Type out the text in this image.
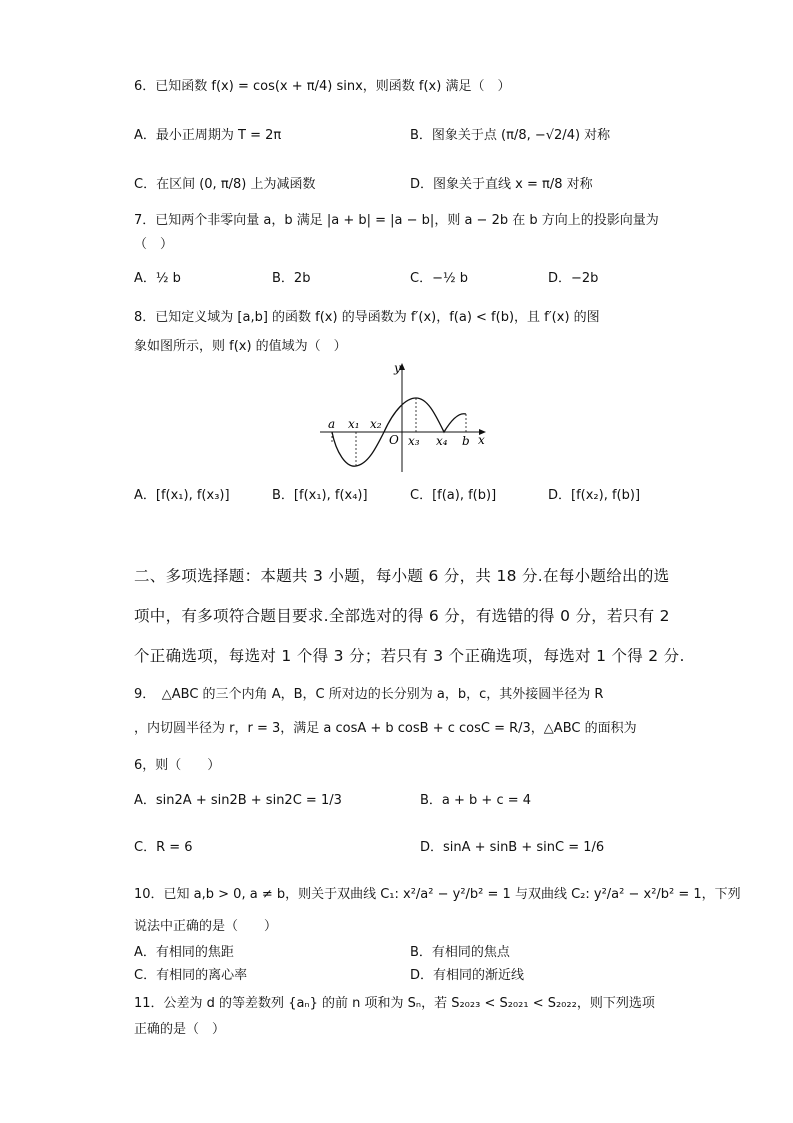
6．已知函数 f(x) = cos(x + π/4) sinx，则函数 f(x) 满足（　）
A．最小正周期为 T = 2π	B．图象关于点 (π/8, −√2/4) 对称
C．在区间 (0, π/8) 上为减函数	D．图象关于直线 x = π/8 对称
7．已知两个非零向量 a，b 满足 |a + b| = |a − b|，则 a − 2b 在 b 方向上的投影向量为
（　）
A．½ b	B．2b	C．−½ b	D．−2b
8．已知定义域为 [a,b] 的函数 f(x) 的导函数为 f′(x)，f(a) < f(b)，且 f′(x) 的图
象如图所示，则 f(x) 的值域为（　）
y
x
a x₁ x₂
O x₃ x₄ b
A．[f(x₁), f(x₃)]	B．[f(x₁), f(x₄)]	C．[f(a), f(b)]	D．[f(x₂), f(b)]
二、多项选择题：本题共 3 小题，每小题 6 分，共 18 分.在每小题给出的选
项中，有多项符合题目要求.全部选对的得 6 分，有选错的得 0 分，若只有 2
个正确选项，每选对 1 个得 3 分；若只有 3 个正确选项，每选对 1 个得 2 分.
9．　△ABC 的三个内角 A，B，C 所对边的长分别为 a，b，c，其外接圆半径为 R
，内切圆半径为 r，r = 3，满足 a cosA + b cosB + c cosC = R/3，△ABC 的面积为
6，则（　　）
A．sin2A + sin2B + sin2C = 1/3	B．a + b + c = 4
C．R = 6	D．sinA + sinB + sinC = 1/6
10．已知 a,b > 0, a ≠ b，则关于双曲线 C₁: x²/a² − y²/b² = 1 与双曲线 C₂: y²/a² − x²/b² = 1，下列
说法中正确的是（　　）
A．有相同的焦距	B．有相同的焦点
C．有相同的离心率	D．有相同的渐近线
11．公差为 d 的等差数列 {aₙ} 的前 n 项和为 Sₙ，若 S₂₀₂₃ < S₂₀₂₁ < S₂₀₂₂，则下列选项
正确的是（　）
